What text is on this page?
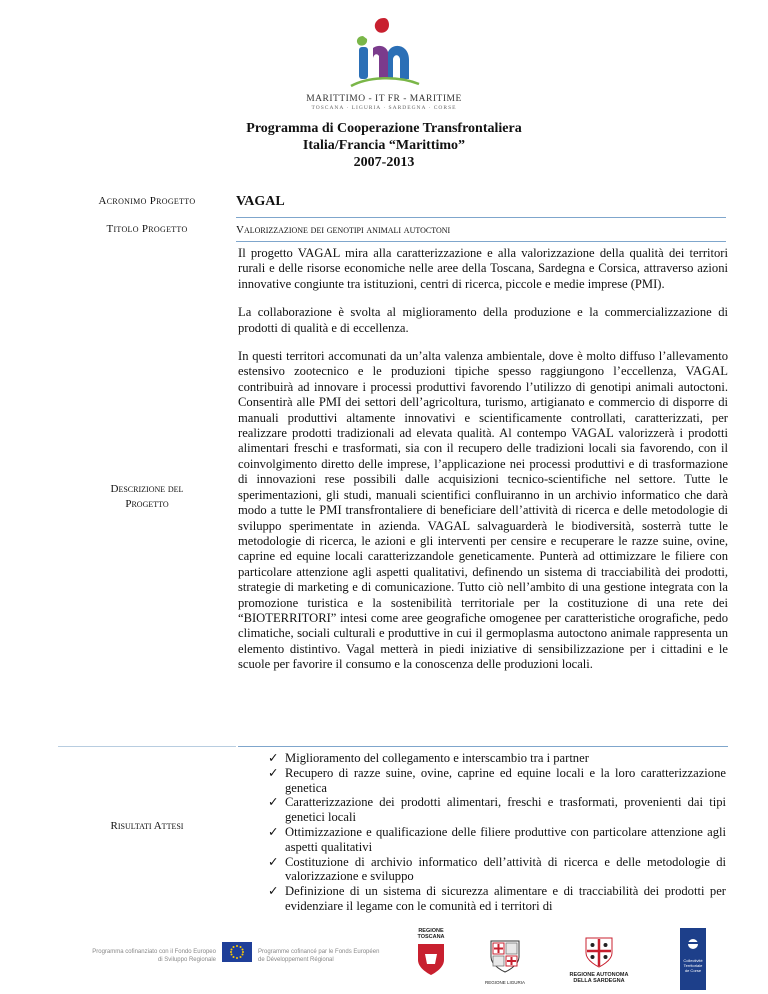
MARITTIMO - IT FR - MARITIME
TOSCANA · LIGURIA · SARDEGNA · CORSE
Programma di Cooperazione Transfrontaliera
Italia/Francia “Marittimo”
2007-2013
Acronimo Progetto	VAGAL
Titolo Progetto	Valorizzazione dei genotipi animali autoctoni
Descrizione del
Progetto

Il progetto VAGAL mira alla caratterizzazione e alla valorizzazione della qualità dei territori rurali e delle risorse economiche nelle aree della Toscana, Sardegna e Corsica, attraverso azioni innovative congiunte tra istituzioni, centri di ricerca, piccole e medie imprese (PMI).

La collaborazione è svolta al miglioramento della produzione e la commercializzazione di prodotti di qualità e di eccellenza.

In questi territori accomunati da un’alta valenza ambientale, dove è molto diffuso l’allevamento estensivo zootecnico e le produzioni tipiche spesso raggiungono l’eccellenza, VAGAL contribuirà ad innovare i processi produttivi favorendo l’utilizzo di genotipi animali autoctoni. Consentirà alle PMI dei settori dell’agricoltura, turismo, artigianato e commercio di disporre di manuali produttivi altamente innovativi e scientificamente controllati, caratterizzati, per realizzare prodotti tradizionali ad elevata qualità. Al contempo VAGAL valorizzerà i prodotti alimentari freschi e trasformati, sia con il recupero delle tradizioni locali sia favorendo, con il coinvolgimento diretto delle imprese, l’applicazione nei processi produttivi e di trasformazione di innovazioni rese possibili dalle acquisizioni tecnico-scientifiche nel settore. Tutte le sperimentazioni, gli studi, manuali scientifici confluiranno in un archivio informatico che darà modo a tutte le PMI transfrontaliere di beneficiare dell’attività di ricerca e delle metodologie di sviluppo sperimentate in azienda. VAGAL salvaguarderà le biodiversità, sosterrà tutte le metodologie di ricerca, le azioni e gli interventi per censire e recuperare le razze suine, ovine, caprine ed equine locali caratterizzandole geneticamente. Punterà ad ottimizzare le filiere con particolare attenzione agli aspetti qualitativi, definendo un sistema di tracciabilità dei prodotti, strategie di marketing e di comunicazione. Tutto ciò nell’ambito di una gestione integrata con la promozione turistica e la sostenibilità territoriale per la costituzione di una rete dei “BIOTERRITORI” intesi come aree geografiche omogenee per caratteristiche orografiche, pedo climatiche, sociali culturali e produttive in cui il germoplasma autoctono animale rappresenta un elemento distintivo. Vagal metterà in piedi iniziative di sensibilizzazione per i cittadini e le scuole per favorire il consumo e la conoscenza delle produzioni locali.

Risultati Attesi
✓ Miglioramento del collegamento e interscambio tra i partner
✓ Recupero di razze suine, ovine, caprine ed equine locali e la loro caratterizzazione genetica
✓ Caratterizzazione dei prodotti alimentari, freschi e trasformati, provenienti dai tipi genetici locali
✓ Ottimizzazione e qualificazione delle filiere produttive con particolare attenzione agli aspetti qualitativi
✓ Costituzione di archivio informatico dell’attività di ricerca e delle metodologie di valorizzazione e sviluppo
✓ Definizione di un sistema di sicurezza alimentare e di tracciabilità dei prodotti per evidenziare il legame con le comunità ed i territori di
Programma cofinanziato con il Fondo Europeo
di Sviluppo Regionale
Programme cofinancé par le Fonds Européen
de Développement Régional
REGIONE
TOSCANA
REGIONE LIGURIA
REGIONE AUTONOMA
DELLA SARDEGNA
Collectivité
Territoriale
de Corse
